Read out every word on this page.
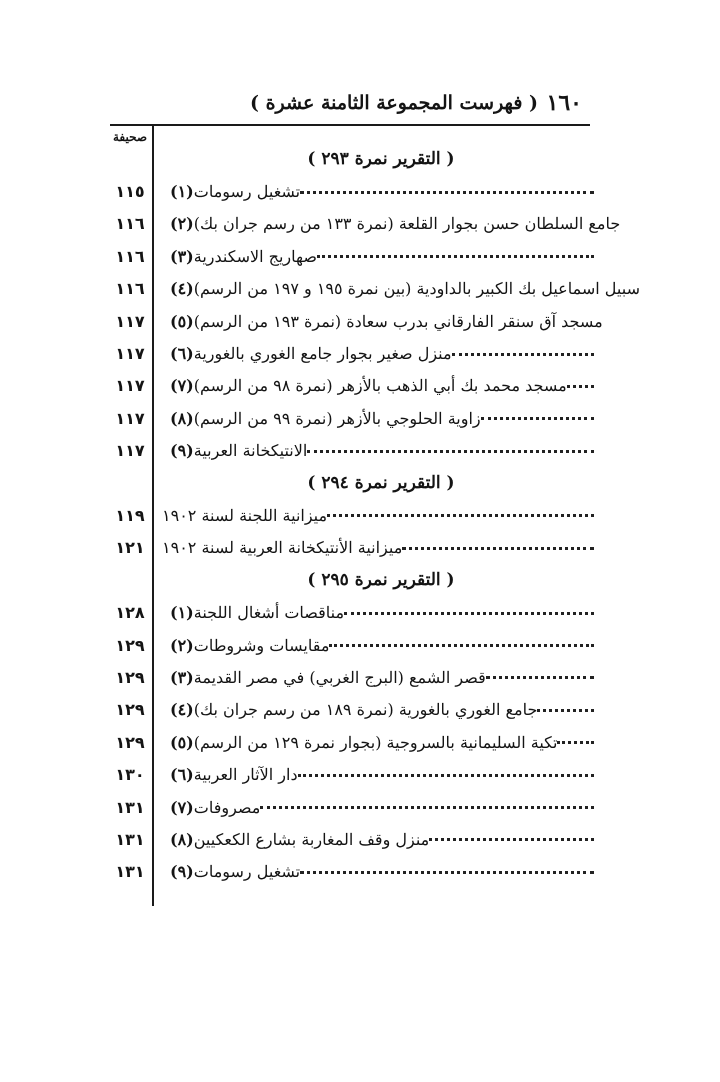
١٦٠
( فهرست المجموعة الثامنة عشرة )
صحيفة
( التقرير نمرة ٢٩٣ )
١١٥ (١) تشغيل رسومات
١١٦ (٢) جامع السلطان حسن بجوار القلعة (نمرة ١٣٣ من رسم جران بك)
١١٦ (٣) صهاريج الاسكندرية
١١٦ (٤) سبيل اسماعيل بك الكبير بالداودية (بين نمرة ١٩٥ و ١٩٧ من الرسم)
١١٧ (٥) مسجد آق سنقر الفارقاني بدرب سعادة (نمرة ١٩٣ من الرسم)
١١٧ (٦) منزل صغير بجوار جامع الغوري بالغورية
١١٧ (٧) مسجد محمد بك أبي الذهب بالأزهر (نمرة ٩٨ من الرسم)
١١٧ (٨) زاوية الحلوجي بالأزهر (نمرة ٩٩ من الرسم)
١١٧ (٩) الانتيكخانة العربية
( التقرير نمرة ٢٩٤ )
١١٩ ميزانية اللجنة لسنة ١٩٠٢
١٢١ ميزانية الأنتيكخانة العربية لسنة ١٩٠٢
( التقرير نمرة ٢٩٥ )
١٢٨ (١) مناقصات أشغال اللجنة
١٢٩ (٢) مقايسات وشروطات
١٢٩ (٣) قصر الشمع (البرج الغربي) في مصر القديمة
١٢٩ (٤) جامع الغوري بالغورية (نمرة ١٨٩ من رسم جران بك)
١٢٩ (٥) تكية السليمانية بالسروجية (بجوار نمرة ١٢٩ من الرسم)
١٣٠ (٦) دار الآثار العربية
١٣١ (٧) مصروفات
١٣١ (٨) منزل وقف المغاربة بشارع الكعكيين
١٣١ (٩) تشغيل رسومات
